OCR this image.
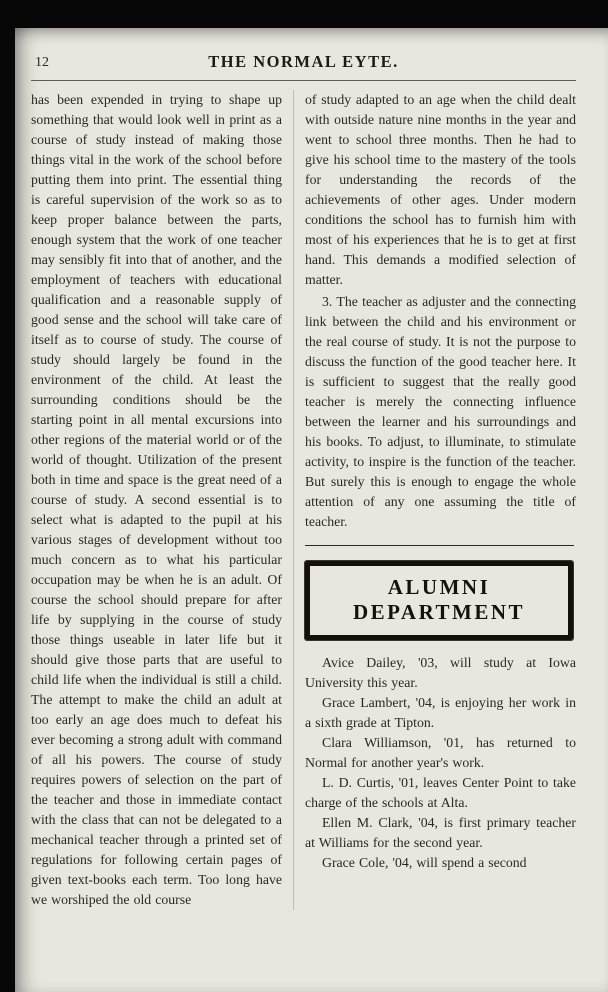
12	THE NORMAL EYTE.

has been expended in trying to shape up something that would look well in print as a course of study instead of making those things vital in the work of the school before putting them into print. The essential thing is careful supervision of the work so as to keep proper balance between the parts, enough system that the work of one teacher may sensibly fit into that of another, and the employment of teachers with educational qualification and a reasonable supply of good sense and the school will take care of itself as to course of study. The course of study should largely be found in the environment of the child. At least the surrounding conditions should be the starting point in all mental excursions into other regions of the material world or of the world of thought. Utilization of the present both in time and space is the great need of a course of study. A second essential is to select what is adapted to the pupil at his various stages of development without too much concern as to what his particular occupation may be when he is an adult. Of course the school should prepare for after life by supplying in the course of study those things useable in later life but it should give those parts that are useful to child life when the individual is still a child. The attempt to make the child an adult at too early an age does much to defeat his ever becoming a strong adult with command of all his powers. The course of study requires powers of selection on the part of the teacher and those in immediate contact with the class that can not be delegated to a mechanical teacher through a printed set of regulations for following certain pages of given text-books each term. Too long have we worshiped the old course

of study adapted to an age when the child dealt with outside nature nine months in the year and went to school three months. Then he had to give his school time to the mastery of the tools for understanding the records of the achievements of other ages. Under modern conditions the school has to furnish him with most of his experiences that he is to get at first hand. This demands a modified selection of matter.

3. The teacher as adjuster and the connecting link between the child and his environment or the real course of study. It is not the purpose to discuss the function of the good teacher here. It is sufficient to suggest that the really good teacher is merely the connecting influence between the learner and his surroundings and his books. To adjust, to illuminate, to stimulate activity, to inspire is the function of the teacher. But surely this is enough to engage the whole attention of any one assuming the title of teacher.

ALUMNI DEPARTMENT

Avice Dailey, '03, will study at Iowa University this year.

Grace Lambert, '04, is enjoying her work in a sixth grade at Tipton.

Clara Williamson, '01, has returned to Normal for another year's work.

L. D. Curtis, '01, leaves Center Point to take charge of the schools at Alta.

Ellen M. Clark, '04, is first primary teacher at Williams for the second year.

Grace Cole, '04, will spend a second
